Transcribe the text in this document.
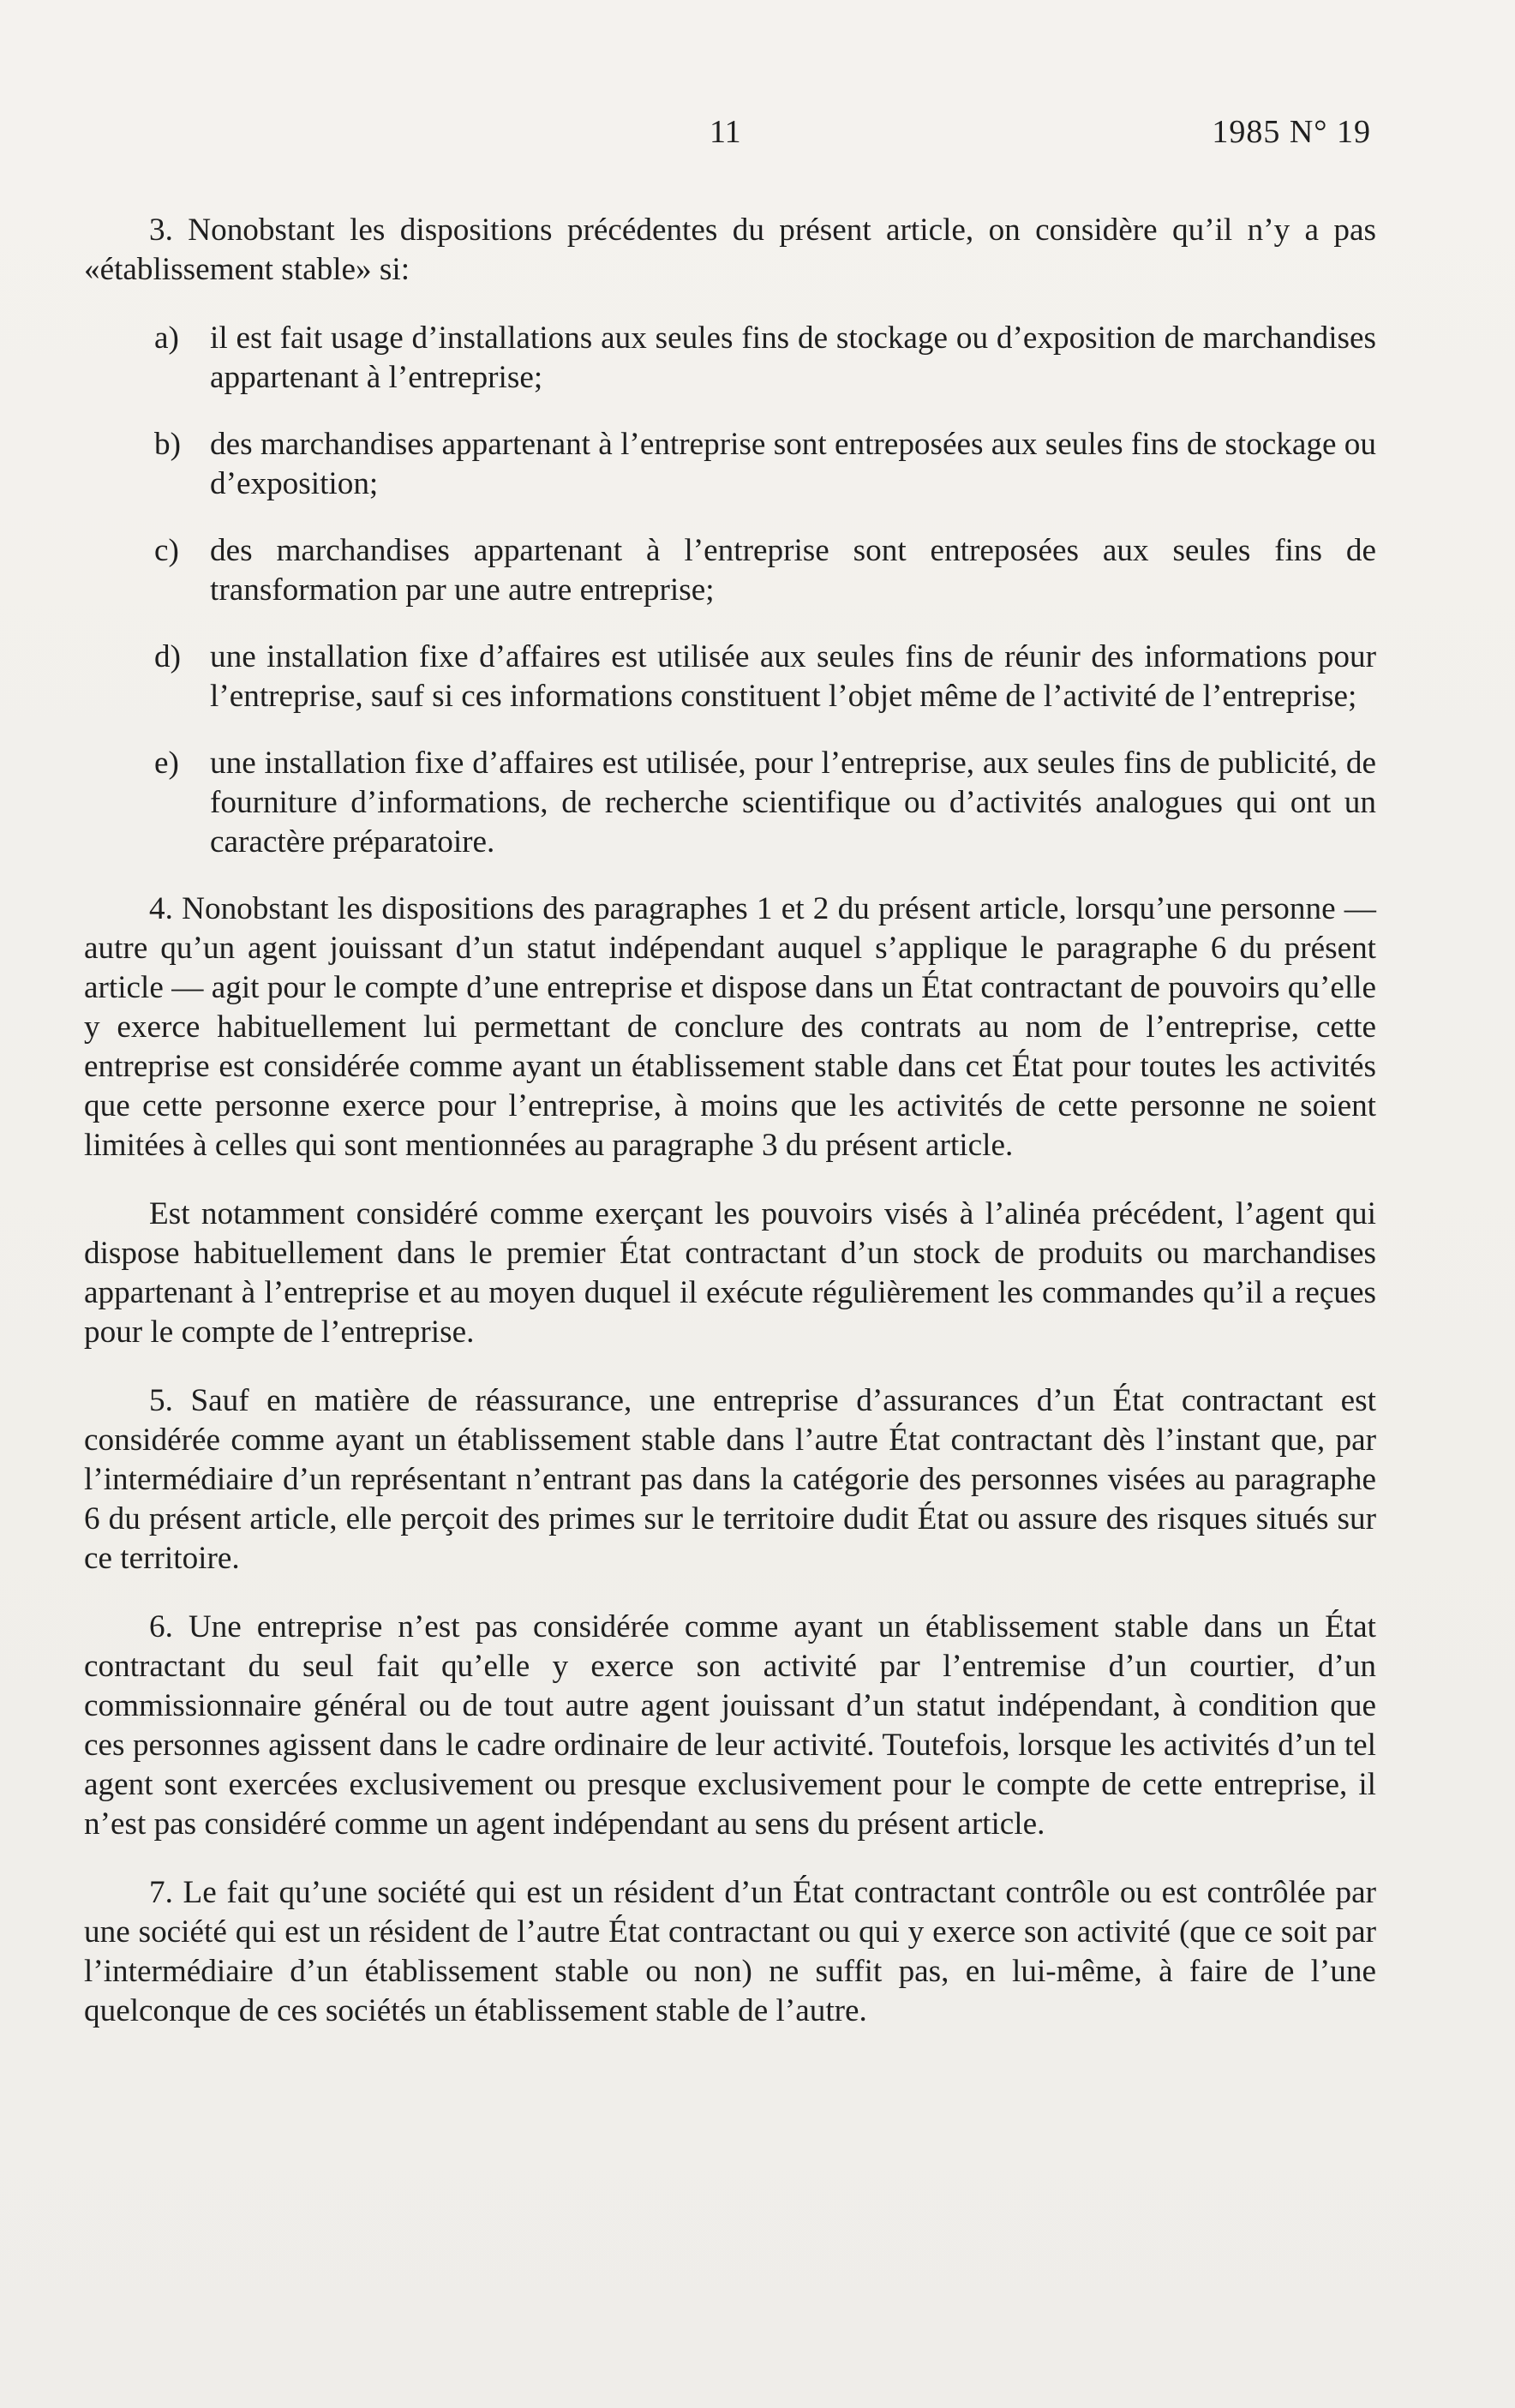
11	1985 N° 19

3. Nonobstant les dispositions précédentes du présent article, on considère qu’il n’y a pas «établissement stable» si:

a) il est fait usage d’installations aux seules fins de stockage ou d’exposition de marchandises appartenant à l’entreprise;
b) des marchandises appartenant à l’entreprise sont entreposées aux seules fins de stockage ou d’exposition;
c) des marchandises appartenant à l’entreprise sont entreposées aux seules fins de transformation par une autre entreprise;
d) une installation fixe d’affaires est utilisée aux seules fins de réunir des informations pour l’entreprise, sauf si ces informations constituent l’objet même de l’activité de l’entreprise;
e) une installation fixe d’affaires est utilisée, pour l’entreprise, aux seules fins de publicité, de fourniture d’informations, de recherche scientifique ou d’activités analogues qui ont un caractère préparatoire.

4. Nonobstant les dispositions des paragraphes 1 et 2 du présent article, lorsqu’une personne — autre qu’un agent jouissant d’un statut indépendant auquel s’applique le paragraphe 6 du présent article — agit pour le compte d’une entreprise et dispose dans un État contractant de pouvoirs qu’elle y exerce habituellement lui permettant de conclure des contrats au nom de l’entreprise, cette entreprise est considérée comme ayant un établissement stable dans cet État pour toutes les activités que cette personne exerce pour l’entreprise, à moins que les activités de cette personne ne soient limitées à celles qui sont mentionnées au paragraphe 3 du présent article.

Est notamment considéré comme exerçant les pouvoirs visés à l’alinéa précédent, l’agent qui dispose habituellement dans le premier État contractant d’un stock de produits ou marchandises appartenant à l’entreprise et au moyen duquel il exécute régulièrement les commandes qu’il a reçues pour le compte de l’entreprise.

5. Sauf en matière de réassurance, une entreprise d’assurances d’un État contractant est considérée comme ayant un établissement stable dans l’autre État contractant dès l’instant que, par l’intermédiaire d’un représentant n’entrant pas dans la catégorie des personnes visées au paragraphe 6 du présent article, elle perçoit des primes sur le territoire dudit État ou assure des risques situés sur ce territoire.

6. Une entreprise n’est pas considérée comme ayant un établissement stable dans un État contractant du seul fait qu’elle y exerce son activité par l’entremise d’un courtier, d’un commissionnaire général ou de tout autre agent jouissant d’un statut indépendant, à condition que ces personnes agissent dans le cadre ordinaire de leur activité. Toutefois, lorsque les activités d’un tel agent sont exercées exclusivement ou presque exclusivement pour le compte de cette entreprise, il n’est pas considéré comme un agent indépendant au sens du présent article.

7. Le fait qu’une société qui est un résident d’un État contractant contrôle ou est contrôlée par une société qui est un résident de l’autre État contractant ou qui y exerce son activité (que ce soit par l’intermédiaire d’un établissement stable ou non) ne suffit pas, en lui-même, à faire de l’une quelconque de ces sociétés un établissement stable de l’autre.
